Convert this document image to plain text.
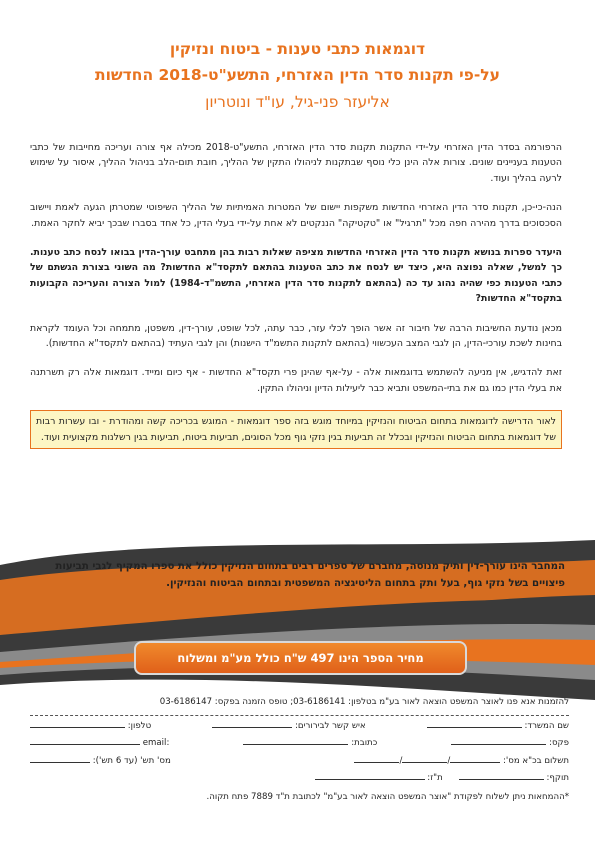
דוגמאות כתבי טענות - ביטוח ונזיקין
על-פי תקנות סדר הדין האזרחי, התשע"ט-2018 החדשות
אליעזר פני-גיל, עו"ד ונוטריון
הרפורמה בסדר הדין האזרחי על-ידי התקנות תקנות סדר הדין האזרחי, התשע"ט-2018 מכילה אף צורה ועריכה מחייבות של כתבי הטענות בעניינים שונים. צורות אלה הינן כלי נוסף שבתקנות לניהולו התקין של ההליך, חובת תום-הלב בניהול ההליך, איסור על שימוש לרעה בהליך ועוד.
הנה-כי-כן, תקנות סדר הדין האזרחי החדשות משקפות יישום של המטרות האמיתיות של ההליך השיפוטי שמטרתן הגעה לאמת ויישוב הסכסוכים בדרך מהירה חפה מכל "תרגיל" או "טקטיקה" הננקטים לא אחת על-ידי בעלי הדין, כל אחד בסברו שבכך יביא לחקר האמת.
היעדר ספרות בנושא תקנות סדר הדין האזרחי החדשות מציפה שאלות רבות בהן מתחבט עורך-הדין בבואו לנסח כתב טענות. כך למשל, שאלה נפוצה היא, כיצד יש לנסח את כתב הטענות בהתאם לתקסד"א החדשות? מה השוני בצורת הגשתם של כתבי הטענות כפי שהיה נהוג עד כה (בהתאם לתקנות סדר הדין האזרחי, התשמ"ד-1984) למול הצורה והעריכה הקבועות בתקסד"א החדשות?
מכאן נודעת החשיבות הרבה של חיבור זה אשר הופך לכלי עזר, כבר עתה, לכל שופט, עורך-דין, משפטן, מתמחה וכל העומד לקראת בחינות לשכת עורכי-הדין, הן לגבי המצב העכשווי (בהתאם לתקנות התשמ"ד הישנות) והן לגבי העתיד (בהתאם לתקסד"א החדשות).
זאת להדגיש, אין מניעה להשתמש בדוגמאות אלה - על-אף שהינן פרי תקסד"א החדשות - אף כיום ומייד. דוגמאות אלה רק תשרתנה את בעלי הדין כמו גם את בתי-המשפט ותביא כבר ליעילות הדיון וניהולו התקין.
לאור הדרישה לדוגמאות בתחום הביטוח והנזיקין במיוחד מוגש בזה ספר דוגמאות - המוגש בכריכה קשה ומהודרת - ובו עשרות רבות של דוגמאות בתחום הביטוח והנזיקין ובכלל זה תביעות בגין נזקי גוף מכל הסוגים, תביעות ביטוח, תביעות בגין רשלנות מקצועית ועוד.
המחבר הינו עורך-דין ותיק מנוסה, מחברם של ספרים רבים בתחום הנזיקין כולל את ספרו המקיף לגבי תביעות פיצויים בשל נזקי גוף, בעל ותק בתחום הליטיגציה המשפטית ובתחום הביטוח והנזיקין.
מחיר הספר הינו 497 ש"ח כולל מע"מ ומשלוח
להזמנות אנא פנו לאוצר המשפט הוצאה לאור בע"מ בטלפון: 03-6186141; טופס הזמנה בפקס: 03-6186147
שם המשרד:
איש קשר לבירורים:
טלפון:
פקס:
כתובת:
email:
תשלום בכ"א מס': //
מס' תש' (עד 6 תש'):
תוקף:
ת"ז:
*ההמחאות ניתן לשלוח לפקודת "אוצר המשפט הוצאה לאור בע"מ" לכתובת ת"ד 7889 פתח תקוה.
